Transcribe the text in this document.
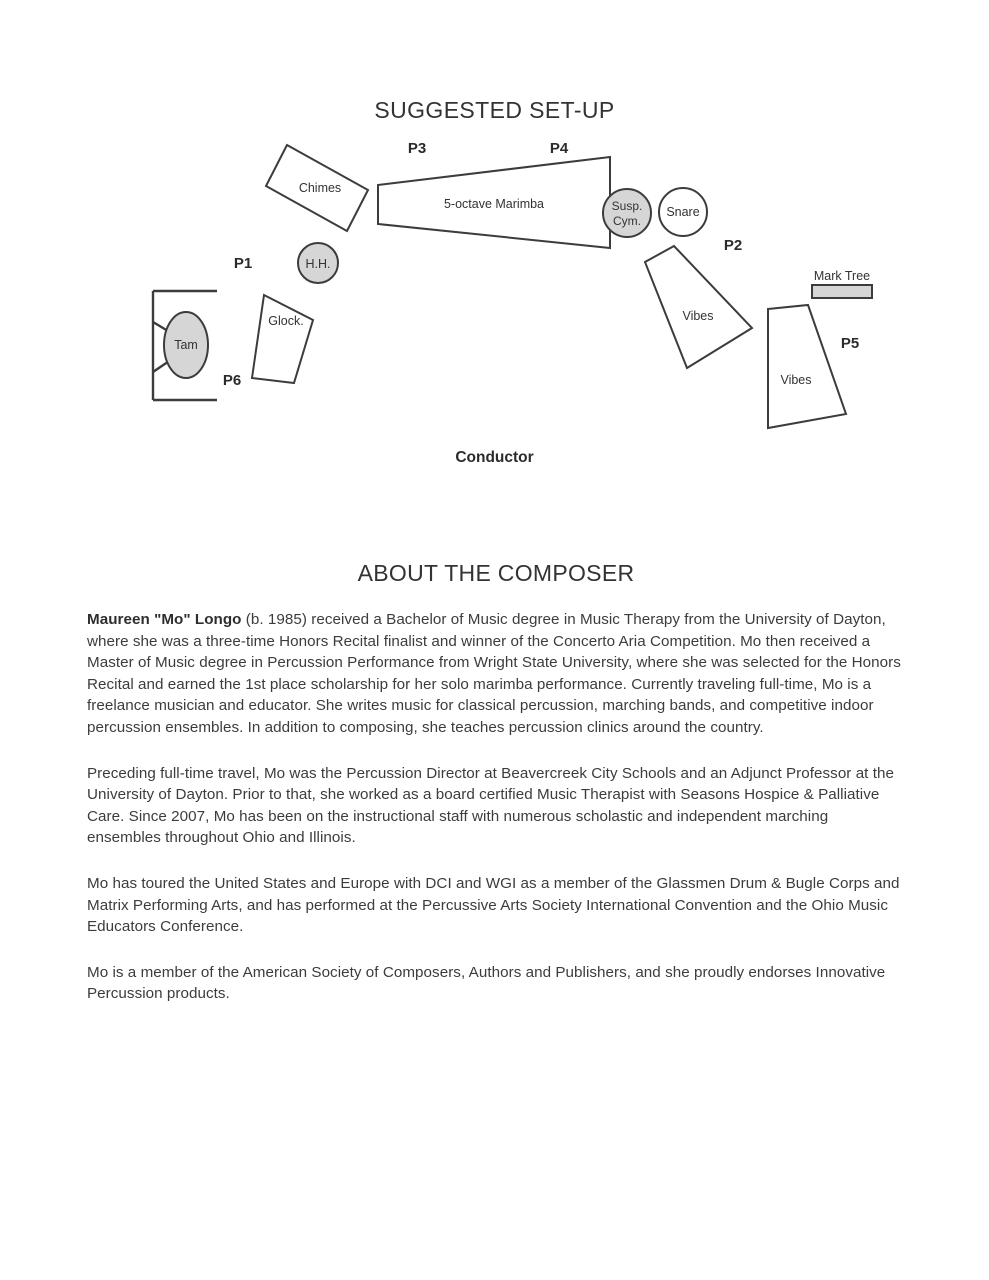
SUGGESTED SET-UP
Tam
P6
Glock.
P1	H.H.
Chimes
P3
5-octave Marimba
P4
Susp.
Cym.
Snare
Vibes
P2
Mark Tree
Vibes
P5
Conductor
ABOUT THE COMPOSER

Maureen "Mo" Longo (b. 1985) received a Bachelor of Music degree in Music Therapy from the University of Dayton, where she was a three-time Honors Recital finalist and winner of the Concerto Aria Competition. Mo then received a Master of Music degree in Percussion Performance from Wright State University, where she was selected for the Honors Recital and earned the 1st place scholarship for her solo marimba performance. Currently traveling full-time, Mo is a freelance musician and educator. She writes music for classical percussion, marching bands, and competitive indoor percussion ensembles. In addition to composing, she teaches percussion clinics around the country.

Preceding full-time travel, Mo was the Percussion Director at Beavercreek City Schools and an Adjunct Professor at the University of Dayton. Prior to that, she worked as a board certified Music Therapist with Seasons Hospice & Palliative Care. Since 2007, Mo has been on the instructional staff with numerous scholastic and independent marching ensembles throughout Ohio and Illinois.

Mo has toured the United States and Europe with DCI and WGI as a member of the Glassmen Drum & Bugle Corps and Matrix Performing Arts, and has performed at the Percussive Arts Society International Convention and the Ohio Music Educators Conference.

Mo is a member of the American Society of Composers, Authors and Publishers, and she proudly endorses Innovative Percussion products.
